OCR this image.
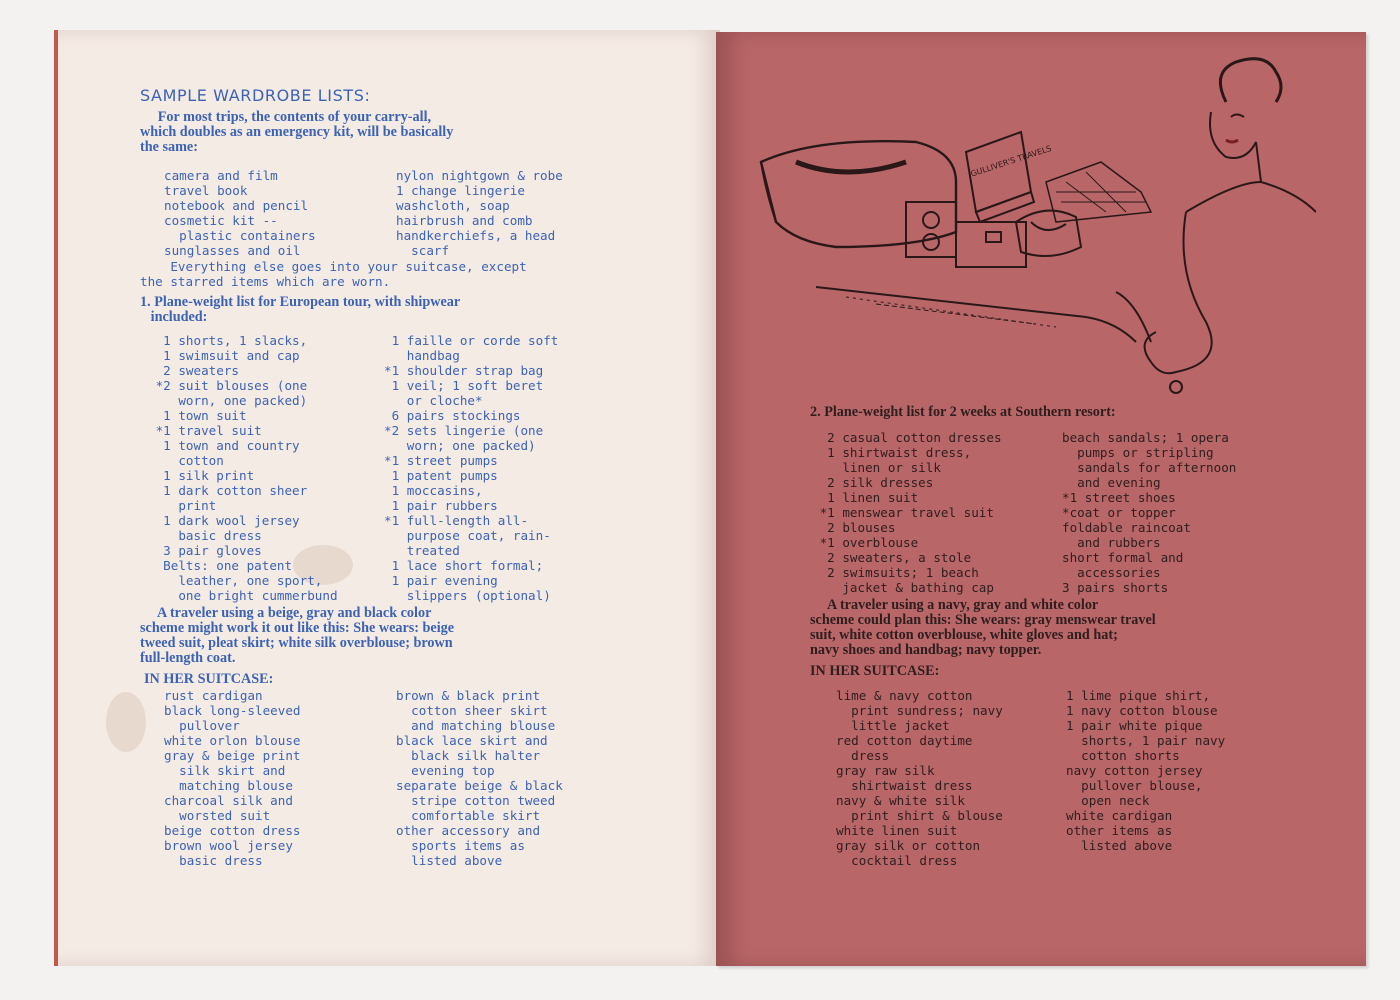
SAMPLE WARDROBE LISTS:
For most trips, the contents of your carry-all,
which doubles as an emergency kit, will be basically
the same:
camera and film
travel book
notebook and pencil
cosmetic kit --
plastic containers
sunglasses and oil
nylon nightgown & robe
1 change lingerie
washcloth, soap
hairbrush and comb
handkerchiefs, a head
scarf
Everything else goes into your suitcase, except
the starred items which are worn.
1. Plane-weight list for European tour, with shipwear
included:
1 shorts, 1 slacks,
1 swimsuit and cap
2 sweaters
*2 suit blouses (one
worn, one packed)
1 town suit
*1 travel suit
1 town and country
cotton
1 silk print
1 dark cotton sheer
print
1 dark wool jersey
basic dress
3 pair gloves
Belts: one patent
leather, one sport,
one bright cummerbund
1 faille or corde soft
handbag
*1 shoulder strap bag
1 veil; 1 soft beret
or cloche*
6 pairs stockings
*2 sets lingerie (one
worn; one packed)
*1 street pumps
1 patent pumps
1 moccasins,
1 pair rubbers
*1 full-length all-
purpose coat, rain-
treated
1 lace short formal;
1 pair evening
slippers (optional)
A traveler using a beige, gray and black color
scheme might work it out like this: She wears: beige
tweed suit, pleat skirt; white silk overblouse; brown
full-length coat.
IN HER SUITCASE:
rust cardigan
black long-sleeved
pullover
white orlon blouse
gray & beige print
silk skirt and
matching blouse
charcoal silk and
worsted suit
beige cotton dress
brown wool jersey
basic dress
brown & black print
cotton sheer skirt
and matching blouse
black lace skirt and
black silk halter
evening top
separate beige & black
stripe cotton tweed
comfortable skirt
other accessory and
sports items as
listed above
GULLIVER'S TRAVELS
2. Plane-weight list for 2 weeks at Southern resort:
2 casual cotton dresses
1 shirtwaist dress,
linen or silk
2 silk dresses
1 linen suit
*1 menswear travel suit
2 blouses
*1 overblouse
2 sweaters, a stole
2 swimsuits; 1 beach
jacket & bathing cap
beach sandals; 1 opera
pumps or stripling
sandals for afternoon
and evening
*1 street shoes
*coat or topper
foldable raincoat
and rubbers
short formal and
accessories
3 pairs shorts
A traveler using a navy, gray and white color
scheme could plan this: She wears: gray menswear travel
suit, white cotton overblouse, white gloves and hat;
navy shoes and handbag; navy topper.
IN HER SUITCASE:
lime & navy cotton
print sundress; navy
little jacket
red cotton daytime
dress
gray raw silk
shirtwaist dress
navy & white silk
print shirt & blouse
white linen suit
gray silk or cotton
cocktail dress
1 lime pique shirt,
1 navy cotton blouse
1 pair white pique
shorts, 1 pair navy
cotton shorts
navy cotton jersey
pullover blouse,
open neck
white cardigan
other items as
listed above
